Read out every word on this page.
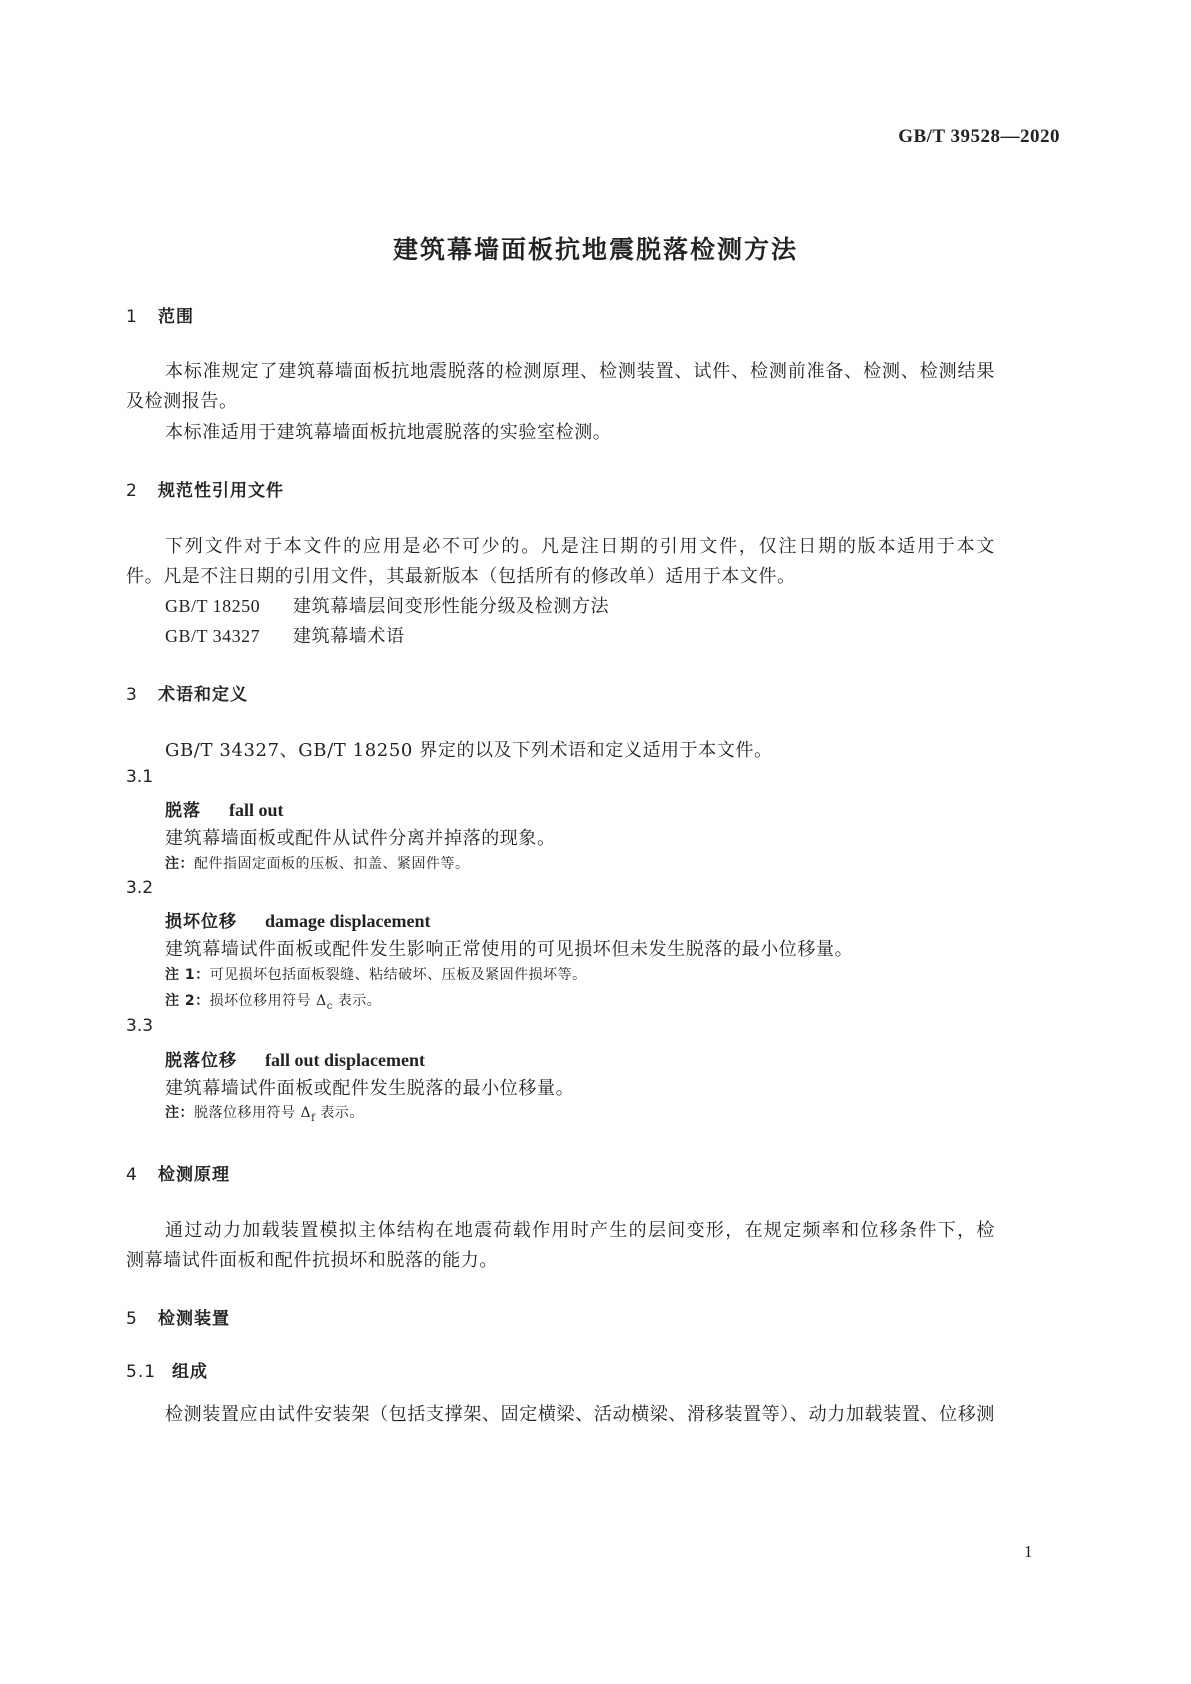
GB/T 39528—2020
建筑幕墙面板抗地震脱落检测方法
1 范围
本标准规定了建筑幕墙面板抗地震脱落的检测原理、检测装置、试件、检测前准备、检测、检测结果
及检测报告。
本标准适用于建筑幕墙面板抗地震脱落的实验室检测。
2 规范性引用文件
下列文件对于本文件的应用是必不可少的。凡是注日期的引用文件，仅注日期的版本适用于本文
件。凡是不注日期的引用文件，其最新版本（包括所有的修改单）适用于本文件。
GB/T 18250 建筑幕墙层间变形性能分级及检测方法
GB/T 34327 建筑幕墙术语
3 术语和定义
GB/T 34327、GB/T 18250 界定的以及下列术语和定义适用于本文件。
3.1
脱落 fall out
建筑幕墙面板或配件从试件分离并掉落的现象。
注：配件指固定面板的压板、扣盖、紧固件等。
3.2
损坏位移 damage displacement
建筑幕墙试件面板或配件发生影响正常使用的可见损坏但未发生脱落的最小位移量。
注 1：可见损坏包括面板裂缝、粘结破坏、压板及紧固件损坏等。
注 2：损坏位移用符号 $\Delta_c$ 表示。
3.3
脱落位移 fall out displacement
建筑幕墙试件面板或配件发生脱落的最小位移量。
注：脱落位移用符号 $\Delta_f$ 表示。
4 检测原理
通过动力加载装置模拟主体结构在地震荷载作用时产生的层间变形，在规定频率和位移条件下，检
测幕墙试件面板和配件抗损坏和脱落的能力。
5 检测装置
5.1 组成
检测装置应由试件安装架（包括支撑架、固定横梁、活动横梁、滑移装置等）、动力加载装置、位移测
1
